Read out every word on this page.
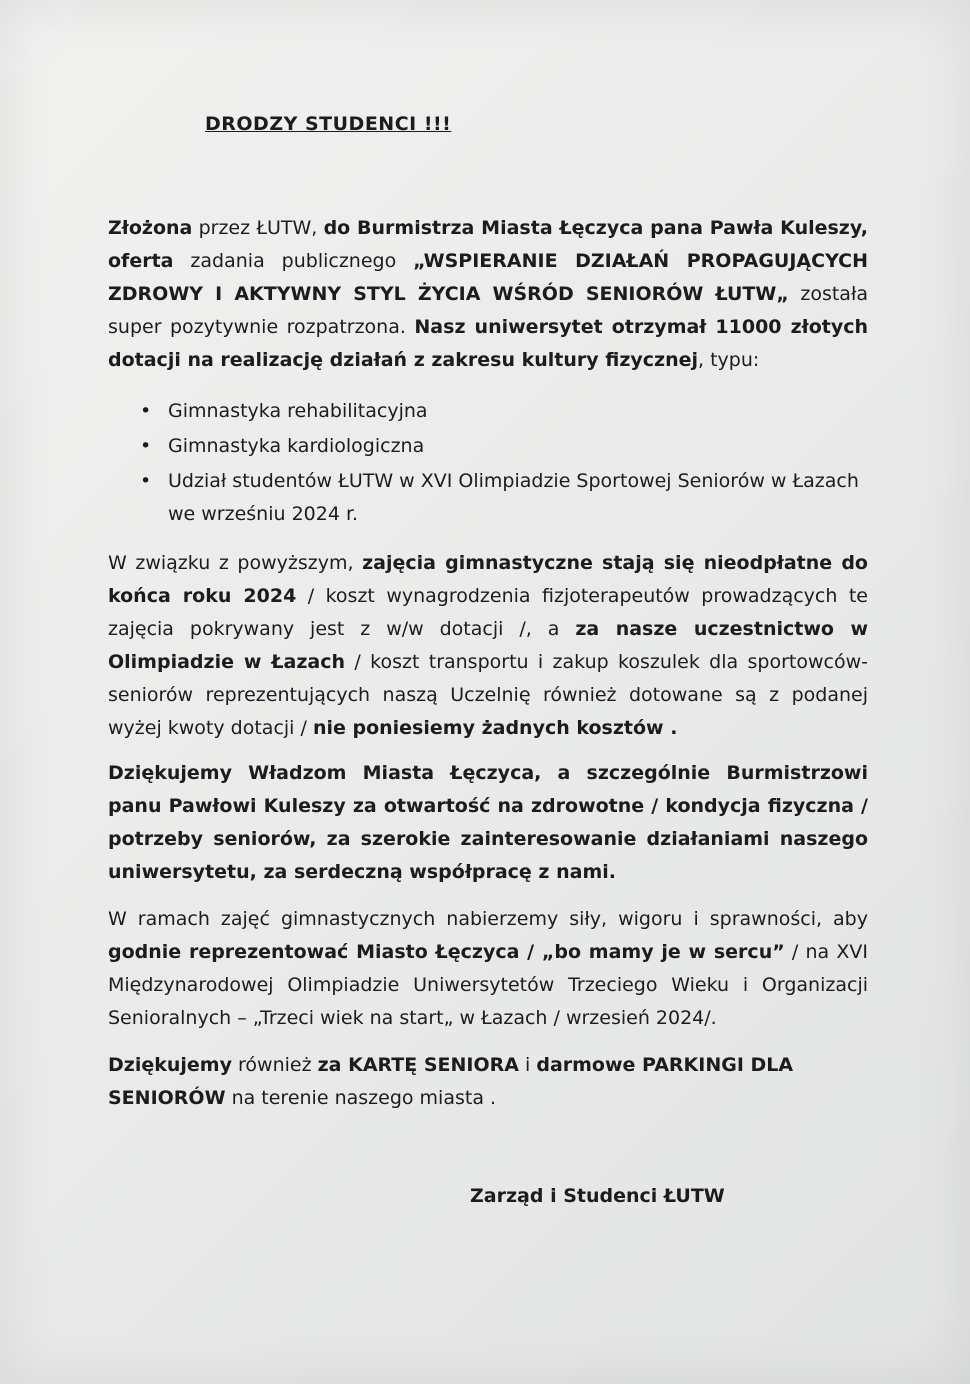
DRODZY STUDENCI !!!
Złożona przez ŁUTW, do Burmistrza Miasta Łęczyca pana Pawła Kuleszy, oferta zadania publicznego „WSPIERANIE DZIAŁAŃ PROPAGUJĄCYCH ZDROWY I AKTYWNY STYL ŻYCIA WŚRÓD SENIORÓW ŁUTW„ została super pozytywnie rozpatrzona. Nasz uniwersytet otrzymał 11000 złotych dotacji na realizację działań z zakresu kultury fizycznej, typu:
• Gimnastyka rehabilitacyjna
• Gimnastyka kardiologiczna
• Udział studentów ŁUTW w XVI Olimpiadzie Sportowej Seniorów w Łazach we wrześniu 2024 r.
W związku z powyższym, zajęcia gimnastyczne stają się nieodpłatne do końca roku 2024 / koszt wynagrodzenia fizjoterapeutów prowadzących te zajęcia pokrywany jest z w/w dotacji /, a za nasze uczestnictwo w Olimpiadzie w Łazach / koszt transportu i zakup koszulek dla sportowców- seniorów reprezentujących naszą Uczelnię również dotowane są z podanej wyżej kwoty dotacji / nie poniesiemy żadnych kosztów .
Dziękujemy Władzom Miasta Łęczyca, a szczególnie Burmistrzowi panu Pawłowi Kuleszy za otwartość na zdrowotne / kondycja fizyczna / potrzeby seniorów, za szerokie zainteresowanie działaniami naszego uniwersytetu, za serdeczną współpracę z nami.
W ramach zajęć gimnastycznych nabierzemy siły, wigoru i sprawności, aby godnie reprezentować Miasto Łęczyca / „bo mamy je w sercu” / na XVI Międzynarodowej Olimpiadzie Uniwersytetów Trzeciego Wieku i Organizacji Senioralnych – „Trzeci wiek na start„ w Łazach / wrzesień 2024/.
Dziękujemy również za KARTĘ SENIORA i darmowe PARKINGI DLA SENIORÓW na terenie naszego miasta .
Zarząd i Studenci ŁUTW
